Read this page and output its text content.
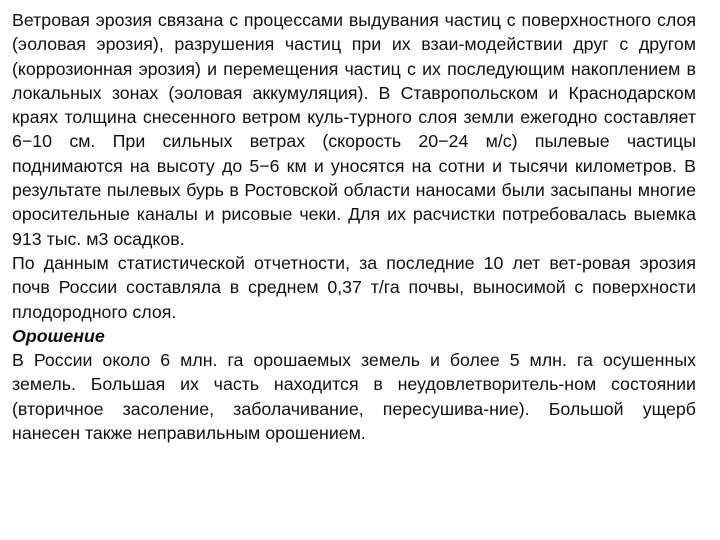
Ветровая эрозия связана с процессами выдувания частиц с поверхностного слоя (эоловая эрозия), разрушения частиц при их взаи-модействии друг с другом (коррозионная эрозия) и перемещения частиц с их последующим накоплением в локальных зонах (эоловая аккумуляция). В Ставропольском и Краснодарском краях толщина снесенного ветром куль-турного слоя земли ежегодно составляет 6−10 см. При сильных ветрах (скорость 20−24 м/с) пылевые частицы поднимаются на высоту до 5−6 км и уносятся на сотни и тысячи километров. В результате пылевых бурь в Ростовской области наносами были засыпаны многие оросительные каналы и рисовые чеки. Для их расчистки потребовалась выемка 913 тыс. м3 осадков.

По данным статистической отчетности, за последние 10 лет вет-ровая эрозия почв России составляла в среднем 0,37 т/га почвы, выносимой с поверхности плодородного слоя.

Орошение

В России около 6 млн. га орошаемых земель и более 5 млн. га осушенных земель. Большая их часть находится в неудовлетворитель-ном состоянии (вторичное засоление, заболачивание, пересушива-ние). Большой ущерб нанесен также неправильным орошением.
